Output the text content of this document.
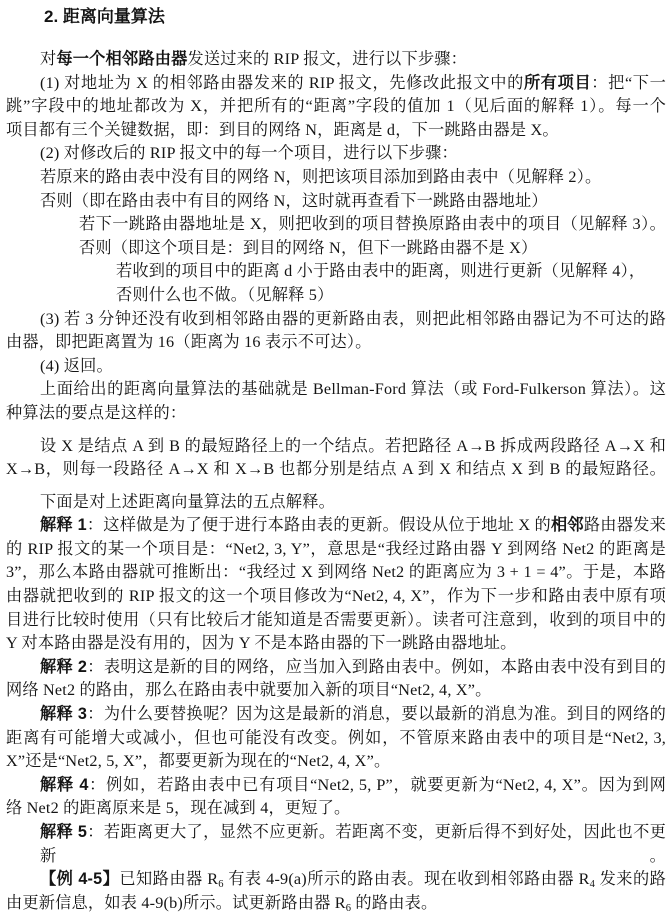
2. 距离向量算法
对每一个相邻路由器发送过来的 RIP 报文，进行以下步骤：
(1) 对地址为 X 的相邻路由器发来的 RIP 报文，先修改此报文中的所有项目：把“下一
跳”字段中的地址都改为 X，并把所有的“距离”字段的值加 1（见后面的解释 1）。每一个
项目都有三个关键数据，即：到目的网络 N，距离是 d，下一跳路由器是 X。
(2) 对修改后的 RIP 报文中的每一个项目，进行以下步骤：
若原来的路由表中没有目的网络 N，则把该项目添加到路由表中（见解释 2）。
否则（即在路由表中有目的网络 N，这时就再查看下一跳路由器地址）
若下一跳路由器地址是 X，则把收到的项目替换原路由表中的项目（见解释 3）。
否则（即这个项目是：到目的网络 N，但下一跳路由器不是 X）
若收到的项目中的距离 d 小于路由表中的距离，则进行更新（见解释 4），
否则什么也不做。（见解释 5）
(3) 若 3 分钟还没有收到相邻路由器的更新路由表，则把此相邻路由器记为不可达的路
由器，即把距离置为 16（距离为 16 表示不可达）。
(4) 返回。
上面给出的距离向量算法的基础就是 Bellman-Ford 算法（或 Ford-Fulkerson 算法）。这
种算法的要点是这样的：
设 X 是结点 A 到 B 的最短路径上的一个结点。若把路径 A→B 拆成两段路径 A→X 和
X→B，则每一段路径 A→X 和 X→B 也都分别是结点 A 到 X 和结点 X 到 B 的最短路径。
下面是对上述距离向量算法的五点解释。
解释 1：这样做是为了便于进行本路由表的更新。假设从位于地址 X 的相邻路由器发来
的 RIP 报文的某一个项目是：“Net2, 3, Y”，意思是“我经过路由器 Y 到网络 Net2 的距离是
3”，那么本路由器就可推断出：“我经过 X 到网络 Net2 的距离应为 3 + 1 = 4”。于是，本路
由器就把收到的 RIP 报文的这一个项目修改为“Net2, 4, X”，作为下一步和路由表中原有项
目进行比较时使用（只有比较后才能知道是否需要更新）。读者可注意到，收到的项目中的
Y 对本路由器是没有用的，因为 Y 不是本路由器的下一跳路由器地址。
解释 2：表明这是新的目的网络，应当加入到路由表中。例如，本路由表中没有到目的
网络 Net2 的路由，那么在路由表中就要加入新的项目“Net2, 4, X”。
解释 3：为什么要替换呢？因为这是最新的消息，要以最新的消息为准。到目的网络的
距离有可能增大或减小，但也可能没有改变。例如，不管原来路由表中的项目是“Net2, 3,
X”还是“Net2, 5, X”，都要更新为现在的“Net2, 4, X”。
解释 4：例如，若路由表中已有项目“Net2, 5, P”，就要更新为“Net2, 4, X”。因为到网
络 Net2 的距离原来是 5，现在减到 4，更短了。
解释 5：若距离更大了，显然不应更新。若距离不变，更新后得不到好处，因此也不更新。
【例 4-5】已知路由器 $R_6$ 有表 4-9(a)所示的路由表。现在收到相邻路由器 $R_4$ 发来的路
由更新信息，如表 4-9(b)所示。试更新路由器 $R_6$ 的路由表。
